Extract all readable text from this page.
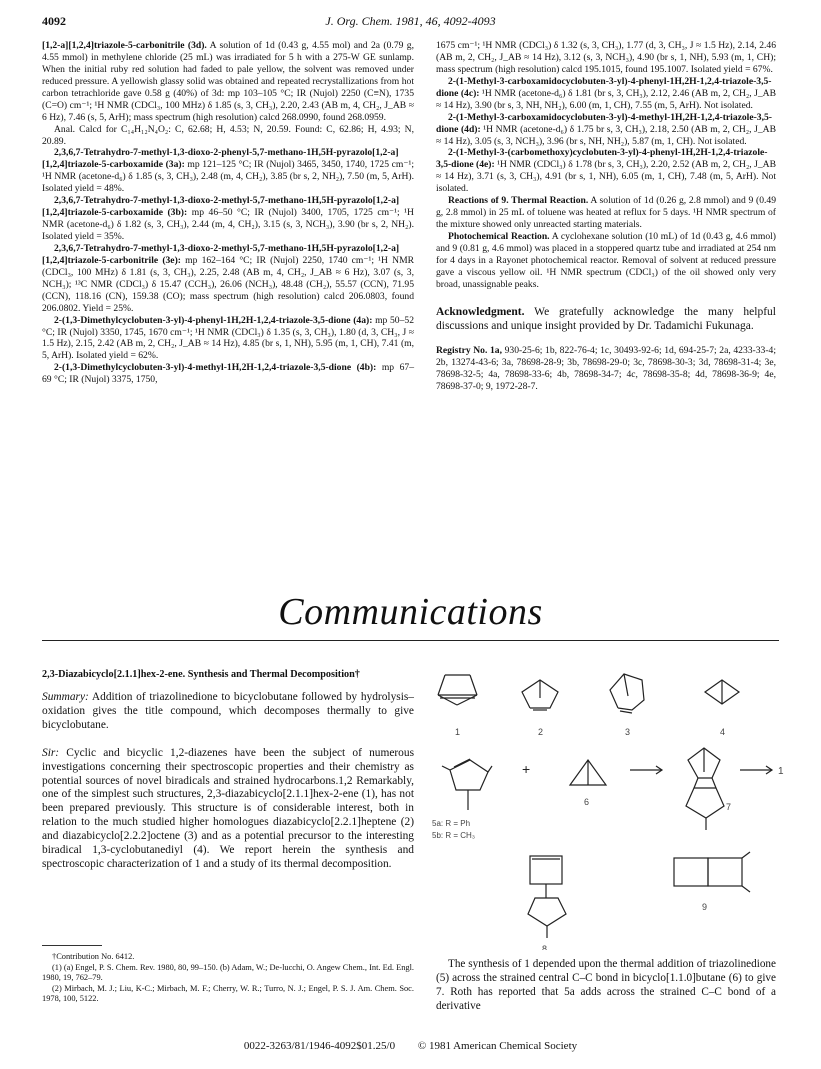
4092	J. Org. Chem. 1981, 46, 4092-4093

[1,2-a][1,2,4]triazole-5-carbonitrile (3d). A solution of 1d (0.43 g, 4.55 mol) and 2a (0.79 g, 4.55 mmol) in methylene chloride (25 mL) was irradiated for 5 h with a 275-W GE sunlamp. When the initial ruby red solution had faded to pale yellow, the solvent was removed under reduced pressure. A yellowish glassy solid was obtained and repeated recrystallizations from hot carbon tetrachloride gave 0.58 g (40%) of 3d: mp 103–105 °C; IR (Nujol) 2250 (C≡N), 1735 (C=O) cm⁻¹; ¹H NMR (CDCl₃, 100 MHz) δ 1.85 (s, 3, CH₃), 2.20, 2.43 (AB m, 4, CH₂, J_AB ≈ 6 Hz), 7.46 (s, 5, ArH); mass spectrum (high resolution) calcd 268.0990, found 268.0959.

Anal. Calcd for C₁₄H₁₂N₄O₂: C, 62.68; H, 4.53; N, 20.59. Found: C, 62.86; H, 4.93; N, 20.89.

2,3,6,7-Tetrahydro-7-methyl-1,3-dioxo-2-phenyl-5,7-methano-1H,5H-pyrazolo[1,2-a][1,2,4]triazole-5-carboxamide (3a): mp 121–125 °C; IR (Nujol) 3465, 3450, 1740, 1725 cm⁻¹; ¹H NMR (acetone-d₆) δ 1.85 (s, 3, CH₃), 2.48 (m, 4, CH₂), 3.85 (br s, 2, NH₂), 7.50 (m, 5, ArH). Isolated yield = 48%.

2,3,6,7-Tetrahydro-7-methyl-1,3-dioxo-2-methyl-5,7-methano-1H,5H-pyrazolo[1,2-a][1,2,4]triazole-5-carboxamide (3b): mp 46–50 °C; IR (Nujol) 3400, 1705, 1725 cm⁻¹; ¹H NMR (acetone-d₆) δ 1.82 (s, 3, CH₃), 2.44 (m, 4, CH₂), 3.15 (s, 3, NCH₃), 3.90 (br s, 2, NH₂). Isolated yield = 35%.

2,3,6,7-Tetrahydro-7-methyl-1,3-dioxo-2-methyl-5,7-methano-1H,5H-pyrazolo[1,2-a][1,2,4]triazole-5-carbonitrile (3e): mp 162–164 °C; IR (Nujol) 2250, 1740 cm⁻¹; ¹H NMR (CDCl₃, 100 MHz) δ 1.81 (s, 3, CH₃), 2.25, 2.48 (AB m, 4, CH₂, J_AB ≈ 6 Hz), 3.07 (s, 3, NCH₃); ¹³C NMR (CDCl₃) δ 15.47 (CCH₃), 26.06 (NCH₃), 48.48 (CH₂), 55.57 (CCN), 71.95 (CCN), 118.16 (CN), 159.38 (CO); mass spectrum (high resolution) calcd 206.0803, found 206.0802. Yield = 25%.

2-(1,3-Dimethylcyclobuten-3-yl)-4-phenyl-1H,2H-1,2,4-triazole-3,5-dione (4a): mp 50–52 °C; IR (Nujol) 3350, 1745, 1670 cm⁻¹; ¹H NMR (CDCl₃) δ 1.35 (s, 3, CH₃), 1.80 (d, 3, CH₃, J ≈ 1.5 Hz), 2.15, 2.42 (AB m, 2, CH₂, J_AB ≈ 14 Hz), 4.85 (br s, 1, NH), 5.95 (m, 1, CH), 7.41 (m, 5, ArH). Isolated yield = 62%.

2-(1,3-Dimethylcyclobuten-3-yl)-4-methyl-1H,2H-1,2,4-triazole-3,5-dione (4b): mp 67–69 °C; IR (Nujol) 3375, 1750,

1675 cm⁻¹; ¹H NMR (CDCl₃) δ 1.32 (s, 3, CH₃), 1.77 (d, 3, CH₃, J ≈ 1.5 Hz), 2.14, 2.46 (AB m, 2, CH₂, J_AB ≈ 14 Hz), 3.12 (s, 3, NCH₃), 4.90 (br s, 1, NH), 5.93 (m, 1, CH); mass spectrum (high resolution) calcd 195.1015, found 195.1007. Isolated yield = 67%.

2-(1-Methyl-3-carboxamidocyclobuten-3-yl)-4-phenyl-1H,2H-1,2,4-triazole-3,5-dione (4c): ¹H NMR (acetone-d₆) δ 1.81 (br s, 3, CH₃), 2.12, 2.46 (AB m, 2, CH₂, J_AB ≈ 14 Hz), 3.90 (br s, 3, NH, NH₂), 6.00 (m, 1, CH), 7.55 (m, 5, ArH). Not isolated.

2-(1-Methyl-3-carboxamidocyclobuten-3-yl)-4-methyl-1H,2H-1,2,4-triazole-3,5-dione (4d): ¹H NMR (acetone-d₆) δ 1.75 br s, 3, CH₃), 2.18, 2.50 (AB m, 2, CH₂, J_AB ≈ 14 Hz), 3.05 (s, 3, NCH₃), 3.96 (br s, NH, NH₂), 5.87 (m, 1, CH). Not isolated.

2-(1-Methyl-3-(carbomethoxy)cyclobuten-3-yl)-4-phenyl-1H,2H-1,2,4-triazole-3,5-dione (4e): ¹H NMR (CDCl₃) δ 1.78 (br s, 3, CH₃), 2.20, 2.52 (AB m, 2, CH₂, J_AB ≈ 14 Hz), 3.71 (s, 3, CH₃), 4.91 (br s, 1, NH), 6.05 (m, 1, CH), 7.48 (m, 5, ArH). Not isolated.

Reactions of 9. Thermal Reaction. A solution of 1d (0.26 g, 2.8 mmol) and 9 (0.49 g, 2.8 mmol) in 25 mL of toluene was heated at reflux for 5 days. ¹H NMR spectrum of the mixture showed only unreacted starting materials.

Photochemical Reaction. A cyclohexane solution (10 mL) of 1d (0.43 g, 4.6 mmol) and 9 (0.81 g, 4.6 mmol) was placed in a stoppered quartz tube and irradiated at 254 nm for 4 days in a Rayonet photochemical reactor. Removal of solvent at reduced pressure gave a viscous yellow oil. ¹H NMR spectrum (CDCl₃) of the oil showed only very broad, unassignable peaks.

Acknowledgment. We gratefully acknowledge the many helpful discussions and unique insight provided by Dr. Tadamichi Fukunaga.

Registry No. 1a, 930-25-6; 1b, 822-76-4; 1c, 30493-92-6; 1d, 694-25-7; 2a, 4233-33-4; 2b, 13274-43-6; 3a, 78698-28-9; 3b, 78698-29-0; 3c, 78698-30-3; 3d, 78698-31-4; 3e, 78698-32-5; 4a, 78698-33-6; 4b, 78698-34-7; 4c, 78698-35-8; 4d, 78698-36-9; 4e, 78698-37-0; 9, 1972-28-7.

Communications

2,3-Diazabicyclo[2.1.1]hex-2-ene. Synthesis and Thermal Decomposition†

Summary: Addition of triazolinedione to bicyclobutane followed by hydrolysis–oxidation gives the title compound, which decomposes thermally to give bicyclobutane.

Sir: Cyclic and bicyclic 1,2-diazenes have been the subject of numerous investigations concerning their spectroscopic properties and their chemistry as potential sources of novel biradicals and strained hydrocarbons.1,2 Remarkably, one of the simplest such structures, 2,3-diazabicyclo[2.1.1]hex-2-ene (1), has not been prepared previously. This structure is of considerable interest, both in relation to the much studied higher homologues diazabicyclo[2.2.1]heptene (2) and diazabicyclo[2.2.2]octene (3) and as a potential precursor to the interesting biradical 1,3-cyclobutanediyl (4). We report herein the synthesis and spectroscopic characterization of 1 and a study of its thermal decomposition.

1	2	3	4
6	7
8
9
5a: R = Ph
5b: R = CH₃
+	1

†Contribution No. 6412.

(1) (a) Engel, P. S. Chem. Rev. 1980, 80, 99–150. (b) Adam, W.; De-lucchi, O. Angew Chem., Int. Ed. Engl. 1980, 19, 762–79.

(2) Mirbach, M. J.; Liu, K-C.; Mirbach, M. F.; Cherry, W. R.; Turro, N. J.; Engel, P. S. J. Am. Chem. Soc. 1978, 100, 5122.

The synthesis of 1 depended upon the thermal addition of triazolinedione (5) across the strained central C–C bond in bicyclo[1.1.0]butane (6) to give 7. Roth has reported that 5a adds across the strained C–C bond of a derivative

0022-3263/81/1946-4092$01.25/0 © 1981 American Chemical Society
